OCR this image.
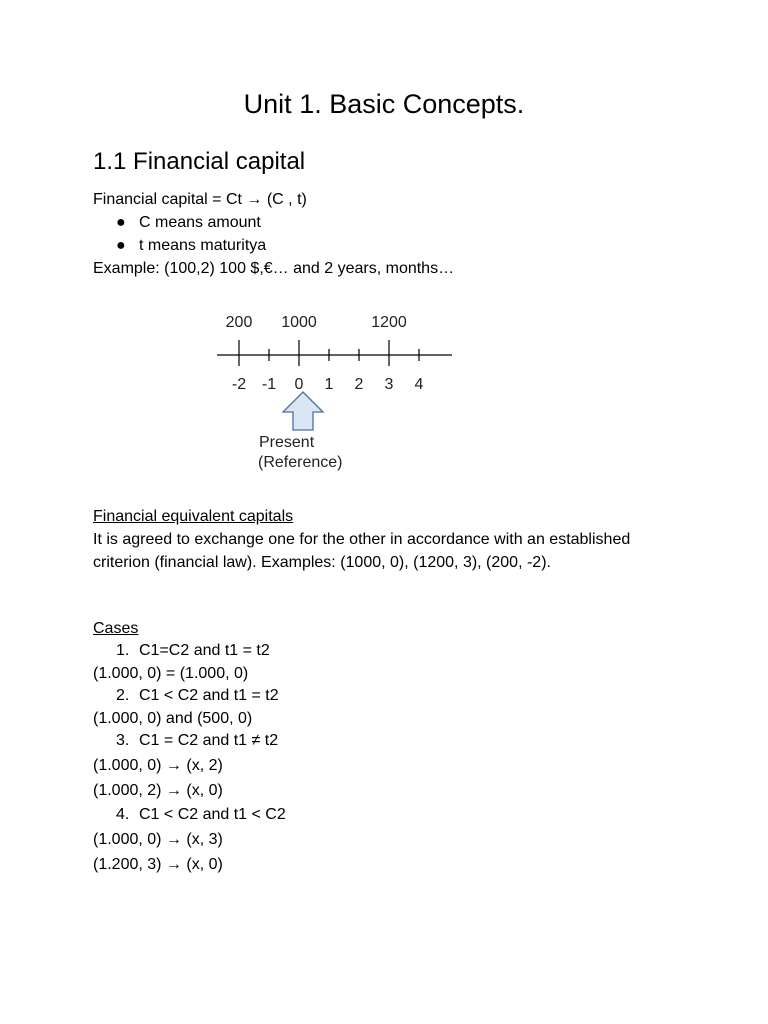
Unit 1. Basic Concepts.
1.1 Financial capital
Financial capital = Ct → (C , t)
● C means amount
● t means maturitya
Example: (100,2) 100 $,€… and 2 years, months…
200 1000	1200
-2 -1 0 1 2 3 4
Present
(Reference)
Financial equivalent capitals
It is agreed to exchange one for the other in accordance with an established criterion (financial law). Examples: (1000, 0), (1200, 3), (200, -2).
Cases
1. C1=C2 and t1 = t2
(1.000, 0) = (1.000, 0)
2. C1 < C2 and t1 = t2
(1.000, 0) and (500, 0)
3. C1 = C2 and t1 ≠ t2
(1.000, 0) → (x, 2)
(1.000, 2) → (x, 0)
4. C1 < C2 and t1 < C2
(1.000, 0) → (x, 3)
(1.200, 3) → (x, 0)
